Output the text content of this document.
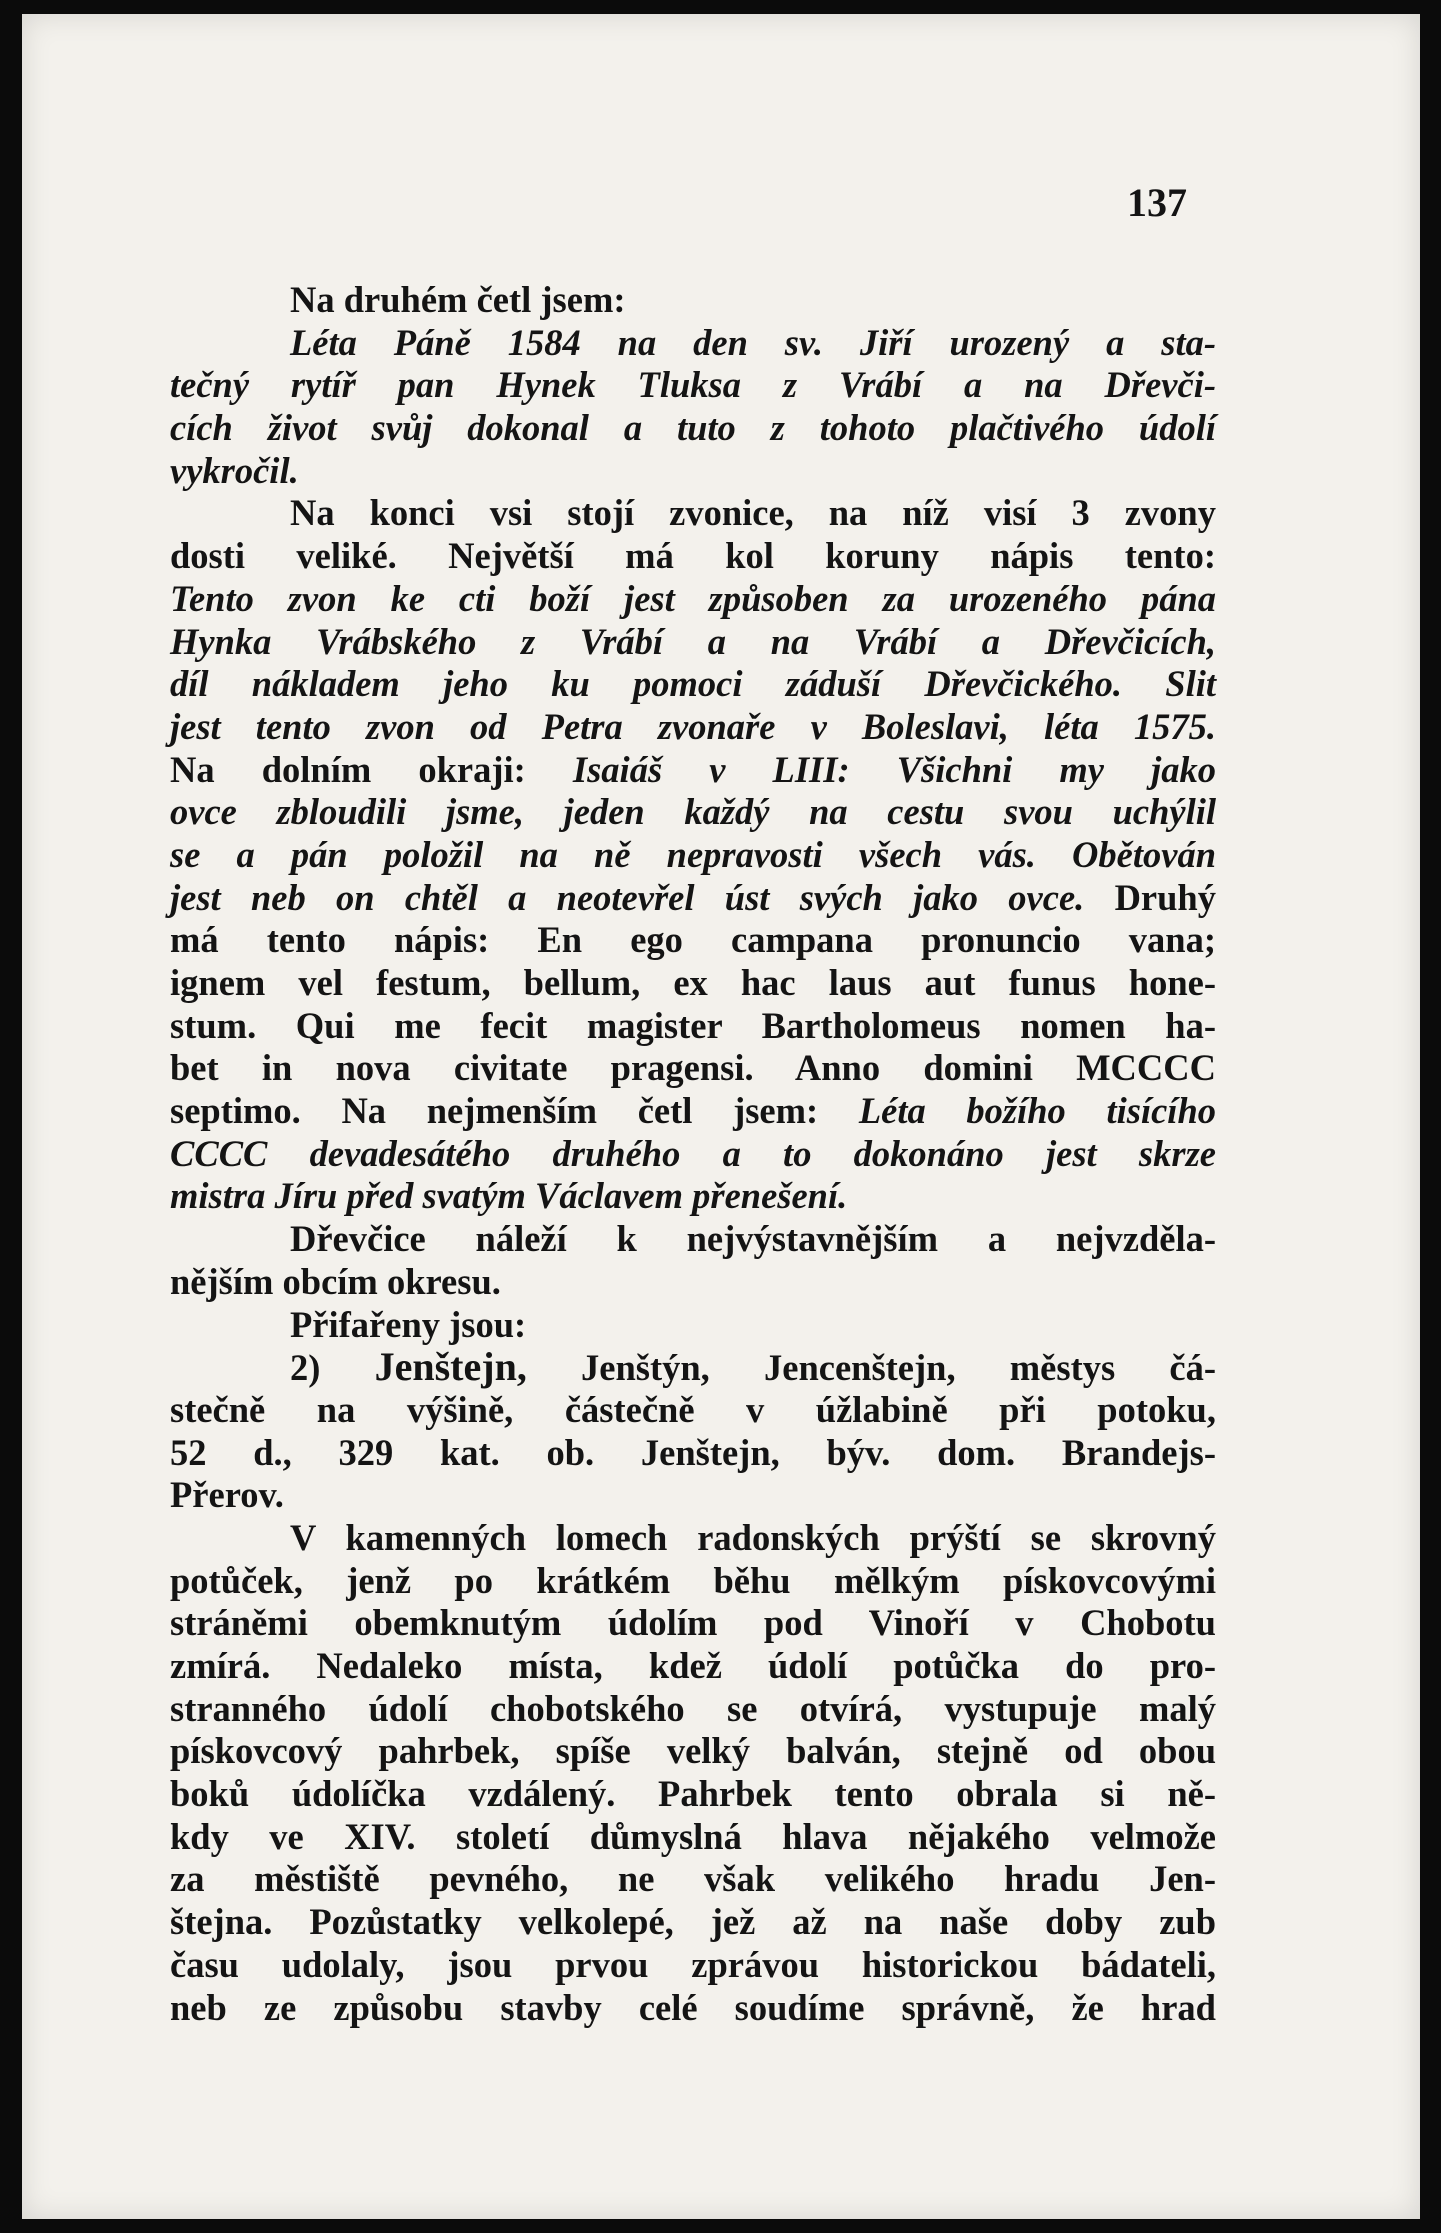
137
Na druhém četl jsem:
Léta Páně 1584 na den sv. Jiří urozený a sta-
tečný rytíř pan Hynek Tluksa z Vrábí a na Dřevči-
cích život svůj dokonal a tuto z tohoto plačtivého údolí
vykročil.
Na konci vsi stojí zvonice, na níž visí 3 zvony
dosti veliké. Největší má kol koruny nápis tento:
Tento zvon ke cti boží jest způsoben za urozeného pána
Hynka Vrábského z Vrábí a na Vrábí a Dřevčicích,
díl nákladem jeho ku pomoci záduší Dřevčického. Slit
jest tento zvon od Petra zvonaře v Boleslavi, léta 1575.
Na dolním okraji: Isaiáš v LIII: Všichni my jako
ovce zbloudili jsme, jeden každý na cestu svou uchýlil
se a pán položil na ně nepravosti všech vás. Obětován
jest neb on chtěl a neotevřel úst svých jako ovce. Druhý
má tento nápis: En ego campana pronuncio vana;
ignem vel festum, bellum, ex hac laus aut funus hone-
stum. Qui me fecit magister Bartholomeus nomen ha-
bet in nova civitate pragensi. Anno domini MCCCC
septimo. Na nejmenším četl jsem: Léta božího tisícího
CCCC devadesátého druhého a to dokonáno jest skrze
mistra Jíru před svatým Václavem přenešení.
Dřevčice náleží k nejvýstavnějším a nejvzděla-
nějším obcím okresu.
Přifařeny jsou:
2) Jenštejn, Jenštýn, Jencenštejn, městys čá-
stečně na výšině, částečně v úžlabině při potoku,
52 d., 329 kat. ob. Jenštejn, býv. dom. Brandejs-
Přerov.
V kamenných lomech radonských prýští se skrovný
potůček, jenž po krátkém běhu mělkým pískovcovými
stráněmi obemknutým údolím pod Vinoří v Chobotu
zmírá. Nedaleko místa, kdež údolí potůčka do pro-
stranného údolí chobotského se otvírá, vystupuje malý
pískovcový pahrbek, spíše velký balván, stejně od obou
boků údolíčka vzdálený. Pahrbek tento obrala si ně-
kdy ve XIV. století důmyslná hlava nějakého velmože
za městiště pevného, ne však velikého hradu Jen-
štejna. Pozůstatky velkolepé, jež až na naše doby zub
času udolaly, jsou prvou zprávou historickou bádateli,
neb ze způsobu stavby celé soudíme správně, že hrad
